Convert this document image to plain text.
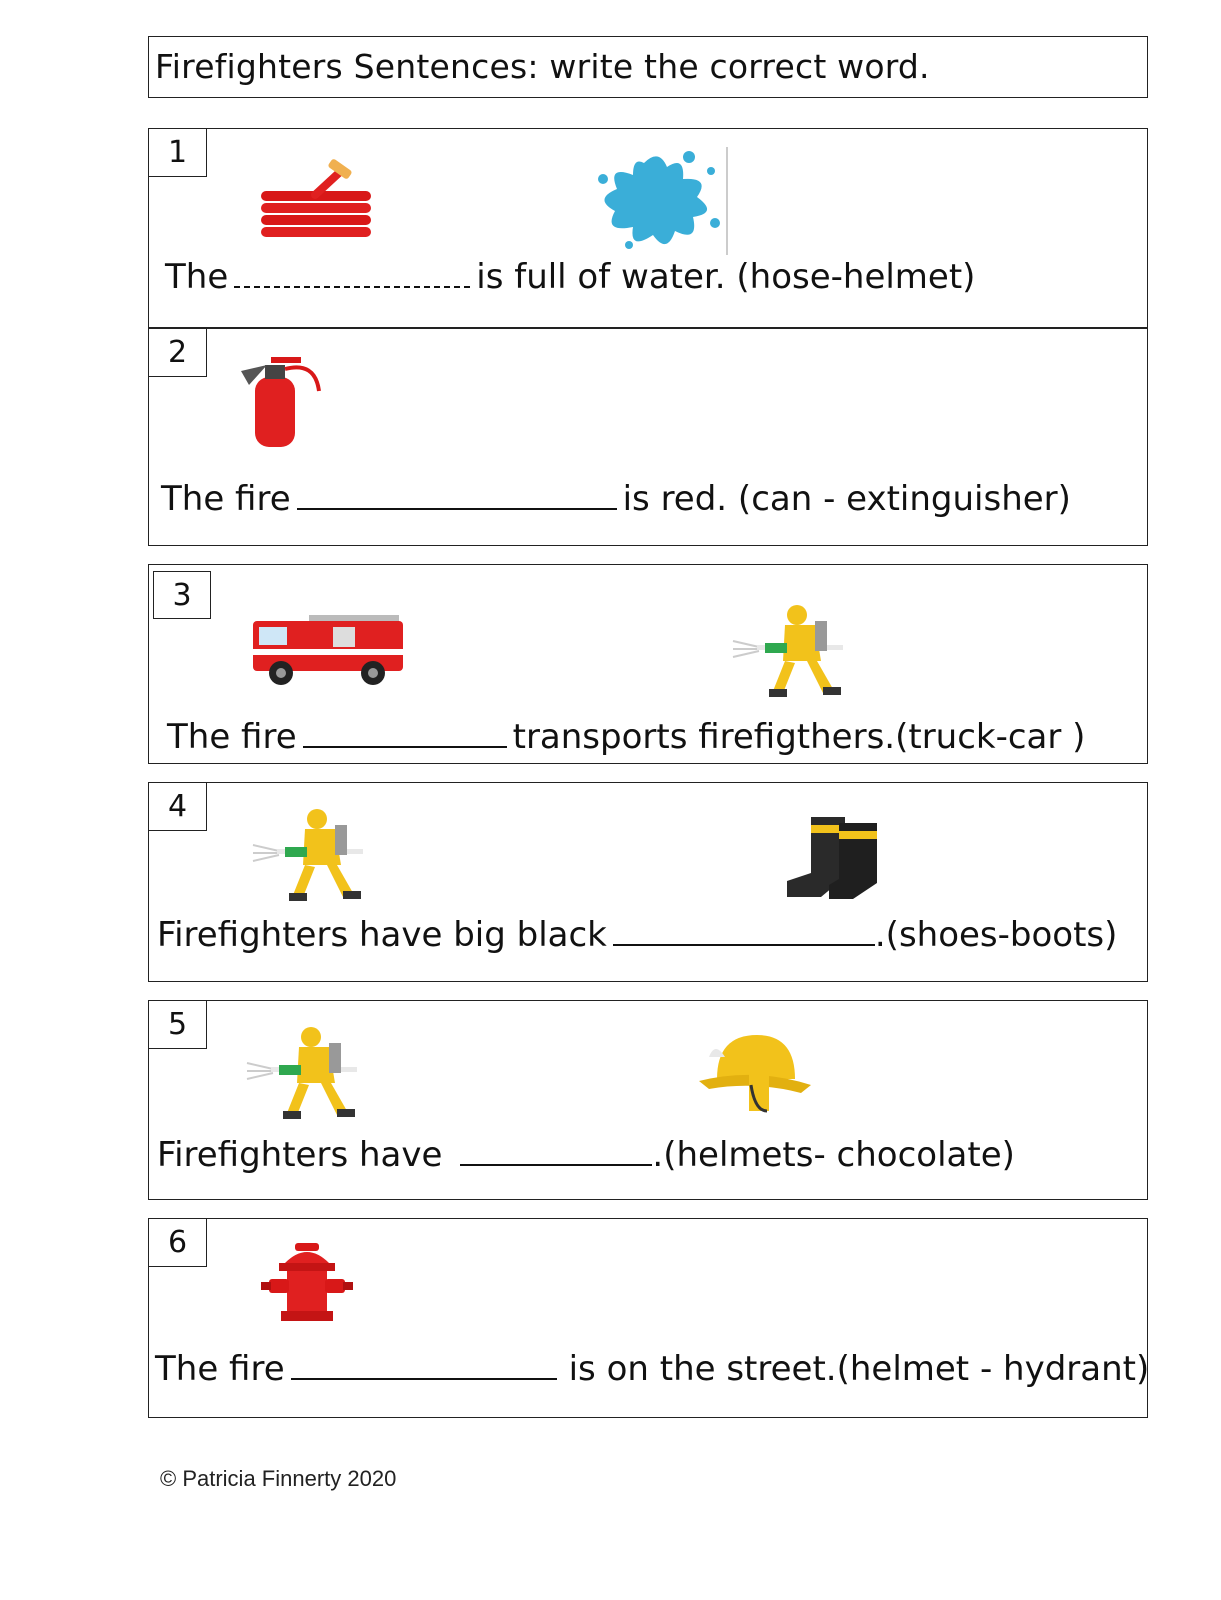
Firefighters Sentences: write the correct word.
1
The	is full of water. (hose-helmet)
2
The fire	is red. (can - extinguisher)
3
The fire	transports firefigthers.(truck-car )
4
Firefighters have big black	.(shoes-boots)
5
Firefighters have	.(helmets- chocolate)
6
The fire	is on the street.(helmet - hydrant)
© Patricia Finnerty 2020
